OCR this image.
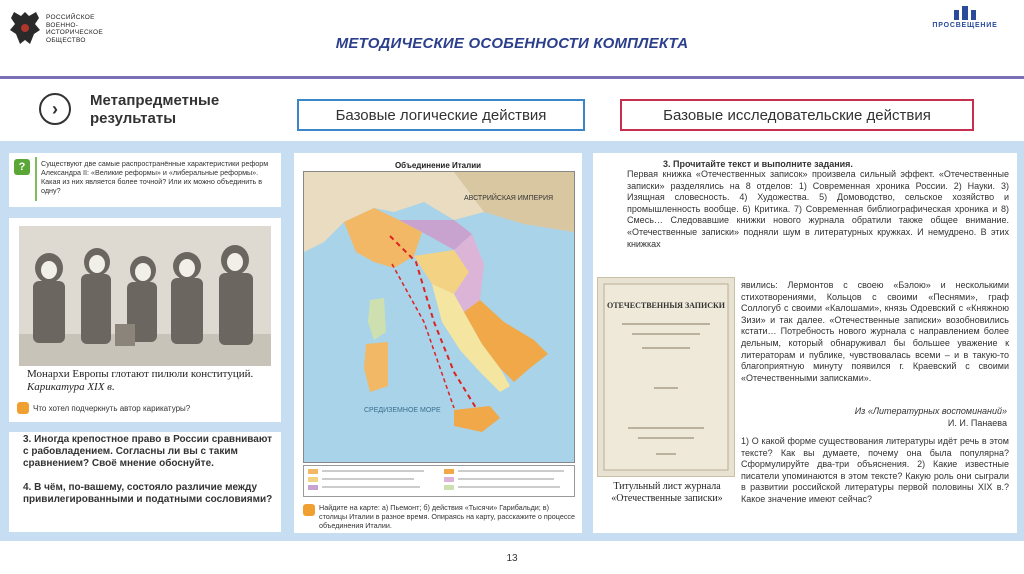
РОССИЙСКОЕ ВОЕННО-ИСТОРИЧЕСКОЕ ОБЩЕСТВО	МЕТОДИЧЕСКИЕ ОСОБЕННОСТИ КОМПЛЕКТА
ПРОСВЕЩЕНИЕ
›	Метапредметные результаты	Базовые логические действия	Базовые исследовательские действия
?	Существуют две самые распространённые характеристики реформ Александра II: «Великие реформы» и «либеральные реформы». Какая из них является более точной? Или их можно объединить в одну?
Монархи Европы глотают пилюли конституций.
Карикатура XIX в.
Что хотел подчеркнуть автор карикатуры?
3. Иногда крепостное право в России сравнивают с рабовладением. Согласны ли вы с таким сравнением? Своё мнение обоснуйте.
4. В чём, по-вашему, состояло различие между привилегированными и податными сословиями?
Объединение Италии
АВСТРИЙСКАЯ ИМПЕРИЯ
СРЕДИЗЕМНОЕ МОРЕ
Найдите на карте: а) Пьемонт; б) действия «Тысячи» Гарибальди; в) столицы Италии в разное время. Опираясь на карту, расскажите о процессе объединения Италии.
3. Прочитайте текст и выполните задания.
Первая книжка «Отечественных записок» произвела сильный эффект. «Отечественные записки» разделялись на 8 отделов: 1) Современная хроника России. 2) Науки. 3) Изящная словесность. 4) Художества. 5) Домоводство, сельское хозяйство и промышленность вообще. 6) Критика. 7) Современная библиографическая хроника и 8) Смесь… Следовавшие книжки нового журнала обратили также общее внимание. «Отечественные записки» подняли шум в литературных кружках. И немудрено. В этих книжках
ОТЕЧЕСТВЕННЫЯ ЗАПИСКИ
явились: Лермонтов с своею «Бэлою» и несколькими стихотворениями, Кольцов с своими «Песнями», граф Соллогуб с своими «Калошами», князь Одоевский с «Княжною Зизи» и так далее. «Отечественные записки» возобновились кстати… Потребность нового журнала с направлением более дельным, который обнаруживал бы большее уважение к литераторам и публике, чувствовалась всеми – и в такую-то благоприятную минуту появился г. Краевский с своими «Отечественными записками».
Из «Литературных воспоминаний»
И. И. Панаева
1) О какой форме существования литературы идёт речь в этом тексте? Как вы думаете, почему она была популярна? Сформулируйте два-три объяснения. 2) Какие известные писатели упоминаются в этом тексте? Какую роль они сыграли в развитии российской литературы первой половины XIX в.? Какое значение имеют сейчас?
Титульный лист журнала «Отечественные записки»
13
